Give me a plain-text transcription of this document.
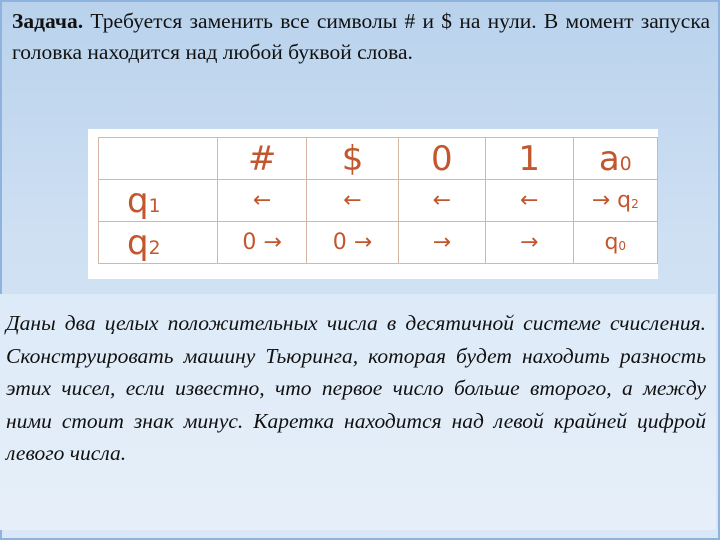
Задача. Требуется заменить все символы # и $ на нули. В момент запуска головка находится над любой буквой слова.
	#	$	0	1	a0
q1	←	←	←	←	→ q2
q2	0 →	0 →	→	→	q0

Даны два целых положительных числа в десятичной системе счисления. Сконструировать машину Тьюринга, которая будет находить разность этих чисел, если известно, что первое число больше второго, а между ними стоит знак минус. Каретка находится над левой крайней цифрой левого числа.
